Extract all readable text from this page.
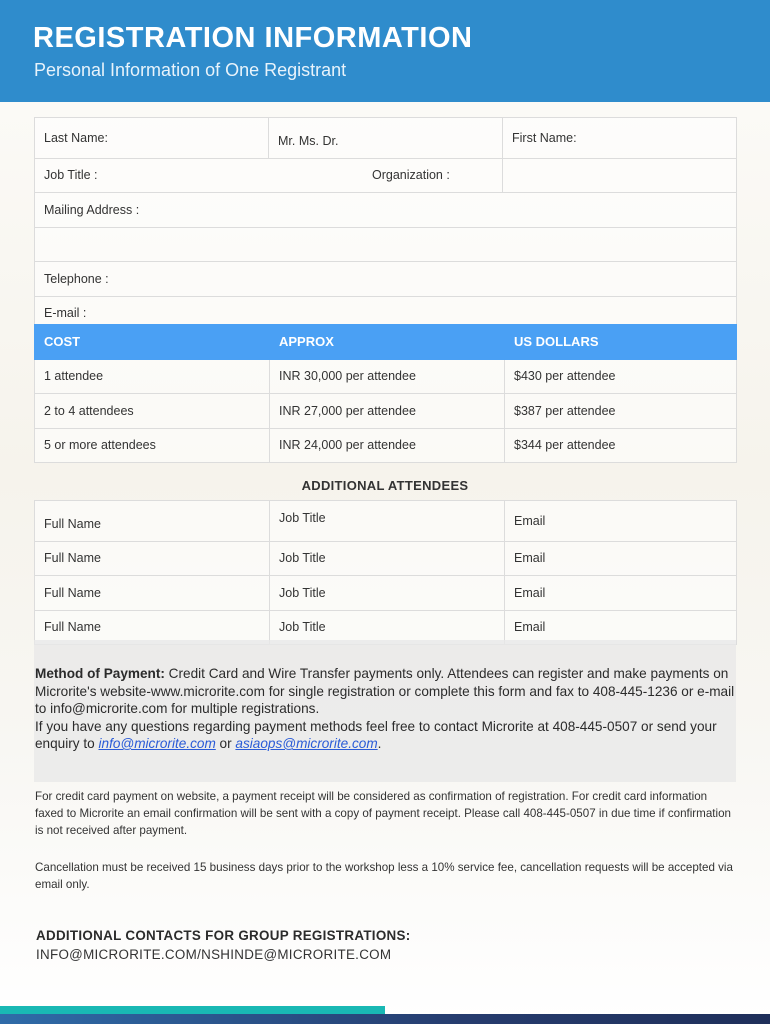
REGISTRATION INFORMATION
Personal Information of One Registrant
Last Name:	Mr. Ms. Dr.	First Name:
Job Title : Organization :		

Mailing Address :		

Telephone :		
E-mail :		
COST	APPROX	US DOLLARS
1 attendee	INR 30,000 per attendee	$430 per attendee
2 to 4 attendees	INR 27,000 per attendee	$387 per attendee
5 or more attendees	INR 24,000 per attendee	$344 per attendee
ADDITIONAL ATTENDEES
Full Name	Job Title	Email
Full Name	Job Title	Email
Full Name	Job Title	Email
Full Name	Job Title	Email
Method of Payment: Credit Card and Wire Transfer payments only. Attendees can register and make payments on Microrite's website-www.microrite.com for single registration or complete this form and fax to 408-445-1236 or e-mail to info@microrite.com for multiple registrations.
If you have any questions regarding payment methods feel free to contact Microrite at 408-445-0507 or send your enquiry to info@microrite.com or asiaops@microrite.com.
For credit card payment on website, a payment receipt will be considered as confirmation of registration. For credit card information faxed to Microrite an email confirmation will be sent with a copy of payment receipt. Please call 408-445-0507 in due time if confirmation is not received after payment.
Cancellation must be received 15 business days prior to the workshop less a 10% service fee, cancellation requests will be accepted via email only.
ADDITIONAL CONTACTS FOR GROUP REGISTRATIONS:
INFO@MICRORITE.COM/NSHINDE@MICRORITE.COM
